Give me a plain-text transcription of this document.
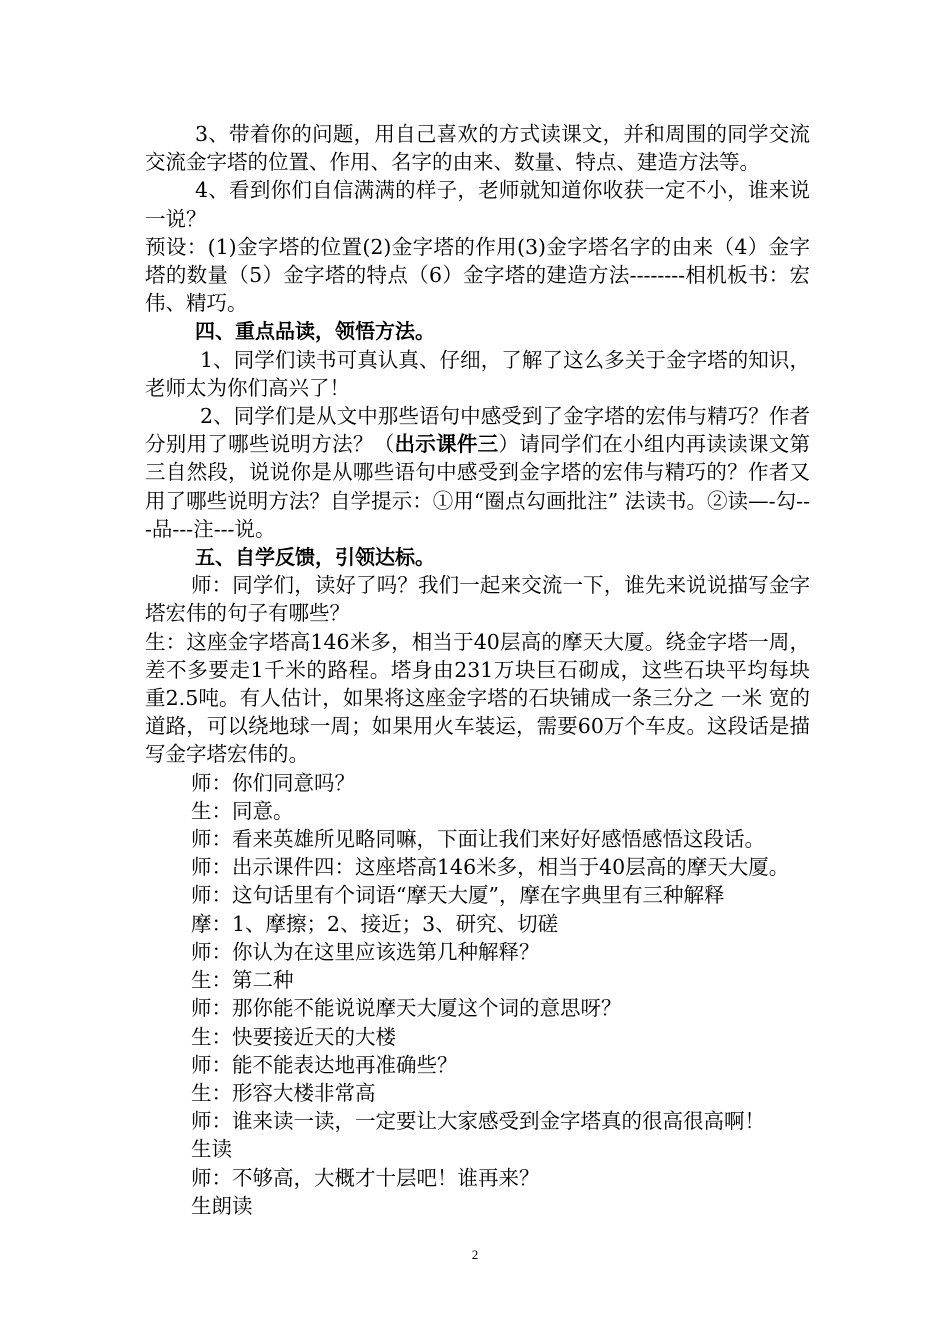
3、带着你的问题，用自己喜欢的方式读课文，并和周围的同学交流交流金字塔的位置、作用、名字的由来、数量、特点、建造方法等。

4、看到你们自信满满的样子，老师就知道你收获一定不小，谁来说一说？

预设：(1)金字塔的位置(2)金字塔的作用(3)金字塔名字的由来（4）金字塔的数量（5）金字塔的特点（6）金字塔的建造方法--------相机板书：宏伟、精巧。

四、重点品读，领悟方法。

1、同学们读书可真认真、仔细，了解了这么多关于金字塔的知识，老师太为你们高兴了！

2、同学们是从文中那些语句中感受到了金字塔的宏伟与精巧？作者分别用了哪些说明方法？（出示课件三）请同学们在小组内再读读课文第三自然段，说说你是从哪些语句中感受到金字塔的宏伟与精巧的？作者又用了哪些说明方法？自学提示：①用“圈点勾画批注” 法读书。②读—-勾---品---注---说。

五、自学反馈，引领达标。

师：同学们，读好了吗？我们一起来交流一下，谁先来说说描写金字塔宏伟的句子有哪些？

生：这座金字塔高146米多，相当于40层高的摩天大厦。绕金字塔一周，差不多要走1千米的路程。塔身由231万块巨石砌成，这些石块平均每块重2.5吨。有人估计，如果将这座金字塔的石块铺成一条三分之 一米 宽的道路，可以绕地球一周；如果用火车装运，需要60万个车皮。这段话是描写金字塔宏伟的。

师：你们同意吗？

生：同意。

师：看来英雄所见略同嘛，下面让我们来好好感悟感悟这段话。

师：出示课件四：这座塔高146米多，相当于40层高的摩天大厦。

师：这句话里有个词语“摩天大厦”，摩在字典里有三种解释

摩：1、摩擦；2、接近；3、研究、切磋

师：你认为在这里应该选第几种解释？

生：第二种

师：那你能不能说说摩天大厦这个词的意思呀？

生：快要接近天的大楼

师：能不能表达地再准确些？

生：形容大楼非常高

师：谁来读一读，一定要让大家感受到金字塔真的很高很高啊！

生读

师：不够高，大概才十层吧！谁再来？

生朗读

2
